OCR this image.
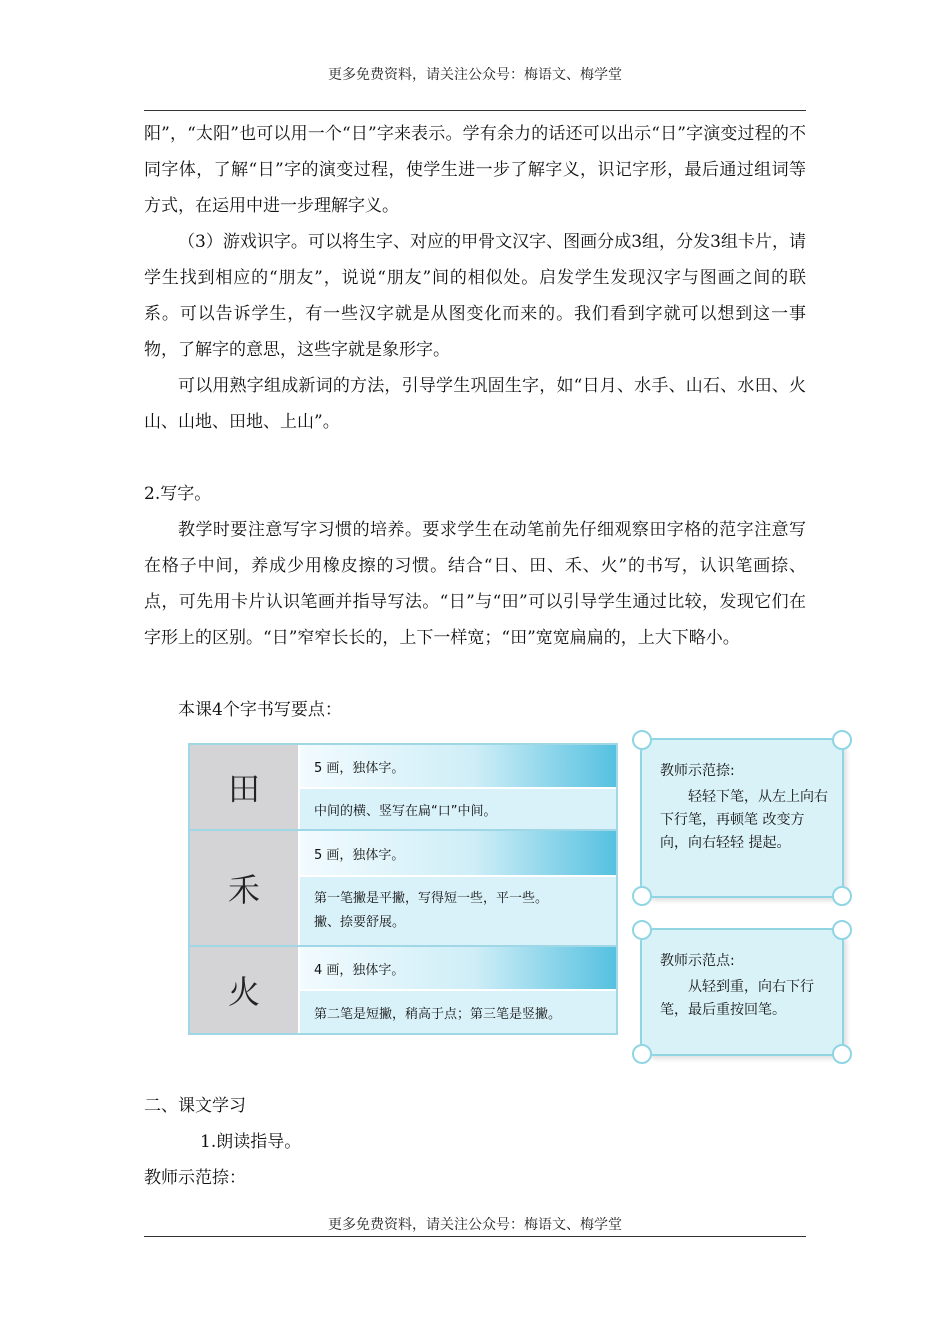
更多免费资料，请关注公众号：梅语文、梅学堂
阳”，“太阳”也可以用一个“日”字来表示。学有余力的话还可以出示“日”字演变过程的不同字体，了解“日”字的演变过程，使学生进一步了解字义，识记字形，最后通过组词等方式，在运用中进一步理解字义。
（3）游戏识字。可以将生字、对应的甲骨文汉字、图画分成3组，分发3组卡片，请学生找到相应的“朋友”，说说“朋友”间的相似处。启发学生发现汉字与图画之间的联系。可以告诉学生，有一些汉字就是从图变化而来的。我们看到字就可以想到这一事物，了解字的意思，这些字就是象形字。
可以用熟字组成新词的方法，引导学生巩固生字，如“日月、水手、山石、水田、火山、山地、田地、上山”。
2.写字。
教学时要注意写字习惯的培养。要求学生在动笔前先仔细观察田字格的范字注意写在格子中间，养成少用橡皮擦的习惯。结合“日、田、禾、火”的书写，认识笔画捺、点，可先用卡片认识笔画并指导写法。“日”与“田”可以引导学生通过比较，发现它们在字形上的区别。“日”窄窄长长的，上下一样宽；“田”宽宽扁扁的，上大下略小。
本课4个字书写要点：
田
5 画，独体字。
中间的横、竖写在扁“口”中间。
禾
5 画，独体字。
第一笔撇是平撇，写得短一些，平一些。
撇、捺要舒展。
火
4 画，独体字。
第二笔是短撇，稍高于点；第三笔是竖撇。
教师示范捺:
轻轻下笔，从左上向右下行笔，再顿笔 改变方向，向右轻轻 提起。
教师示范点:
从轻到重，向右下行笔，最后重按回笔。
二、课文学习
1.朗读指导。
教师示范捺：
更多免费资料，请关注公众号：梅语文、梅学堂
